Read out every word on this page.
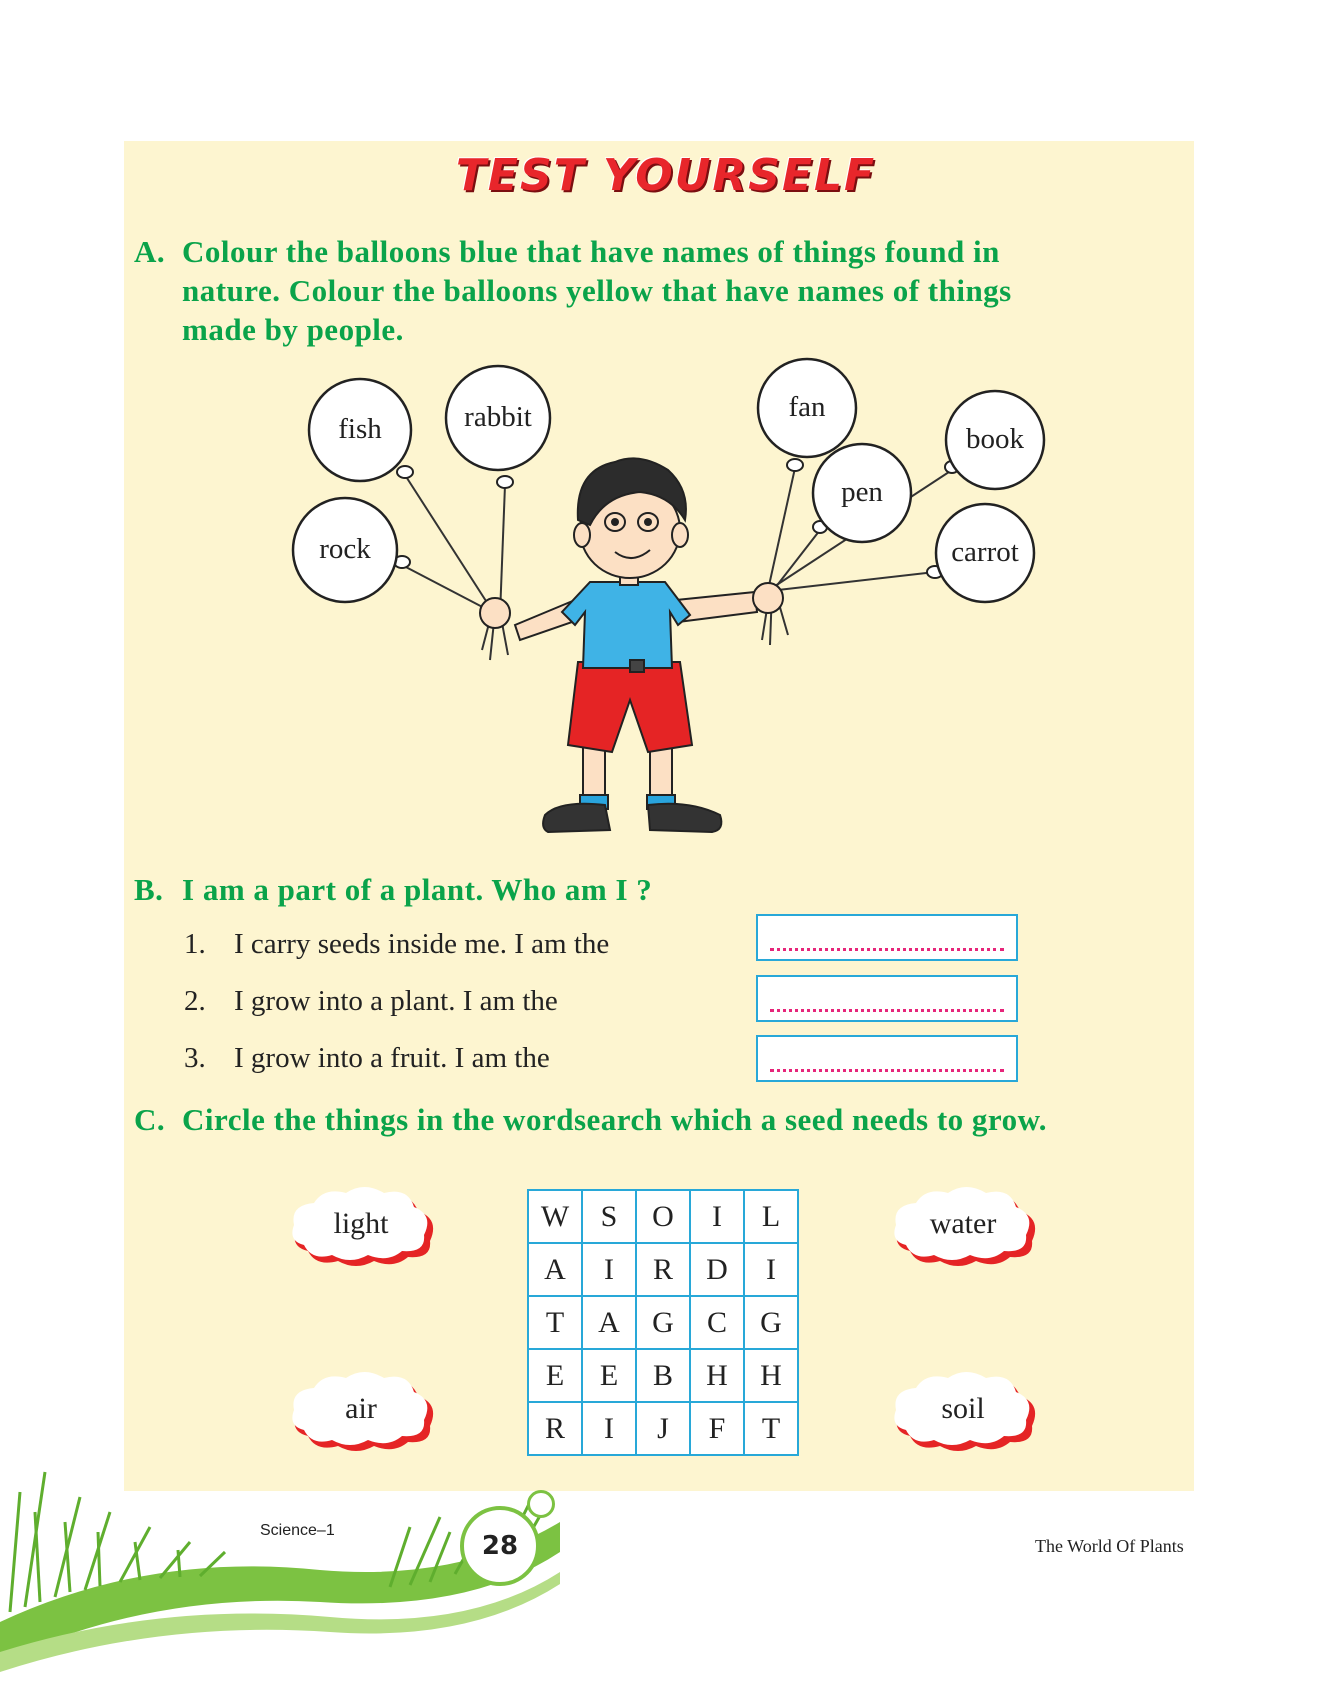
TEST YOURSELF
A. Colour the balloons blue that have names of things found in
nature. Colour the balloons yellow that have names of things
made by people.
fish	rabbit
rock
fan
book
pen
carrot
B. I am a part of a plant. Who am I ?
1. I carry seeds inside me. I am the
2. I grow into a plant. I am the
3. I grow into a fruit. I am the
C. Circle the things in the wordsearch which a seed needs to grow.
W	S	O	I	L
A	I	R	D	I
T	A	G	C	G
E	E	B	H	H
R	I	J	F	T
light	water
air	soil
28
Science–1
The World Of Plants
